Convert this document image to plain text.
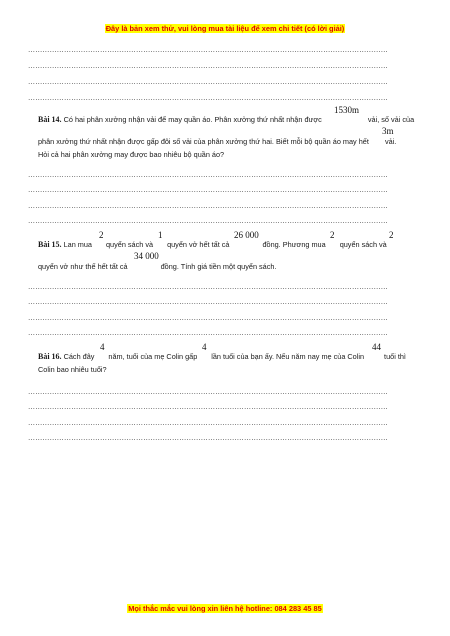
Đây là bản xem thử, vui lòng mua tài liệu để xem chi tiết (có lời giải)
……………………………………………………………………………………………………………………………………
……………………………………………………………………………………………………………………………………
……………………………………………………………………………………………………………………………………
……………………………………………………………………………………………………………………………………
1530m
Bài 14. Có hai phân xưởng nhận vải để may quần áo. Phân xưởng thứ nhất nhận được	vải, số vải của
3m
phân xưởng thứ nhất nhận được gấp đôi số vải của phân xưởng thứ hai. Biết mỗi bộ quần áo may hết vải.
Hỏi cả hai phân xưởng may được bao nhiêu bộ quần áo?
……………………………………………………………………………………………………………………………………
……………………………………………………………………………………………………………………………………
……………………………………………………………………………………………………………………………………
……………………………………………………………………………………………………………………………………
2	1	26 000	2	2
Bài 15. Lan mua quyển sách và quyển vở hết tất cả	đồng. Phương mua quyển sách và
34 000
quyển vở như thế hết tất cả	đồng. Tính giá tiền một quyển sách.
……………………………………………………………………………………………………………………………………
……………………………………………………………………………………………………………………………………
……………………………………………………………………………………………………………………………………
……………………………………………………………………………………………………………………………………
4	4	44
Bài 16. Cách đây năm, tuổi của mẹ Colin gấp lần tuổi của bạn ấy. Nếu năm nay mẹ của Colin	tuổi thì
Colin bao nhiêu tuổi?
……………………………………………………………………………………………………………………………………
……………………………………………………………………………………………………………………………………
……………………………………………………………………………………………………………………………………
……………………………………………………………………………………………………………………………………
Mọi thắc mắc vui lòng xin liên hệ hotline: 084 283 45 85
